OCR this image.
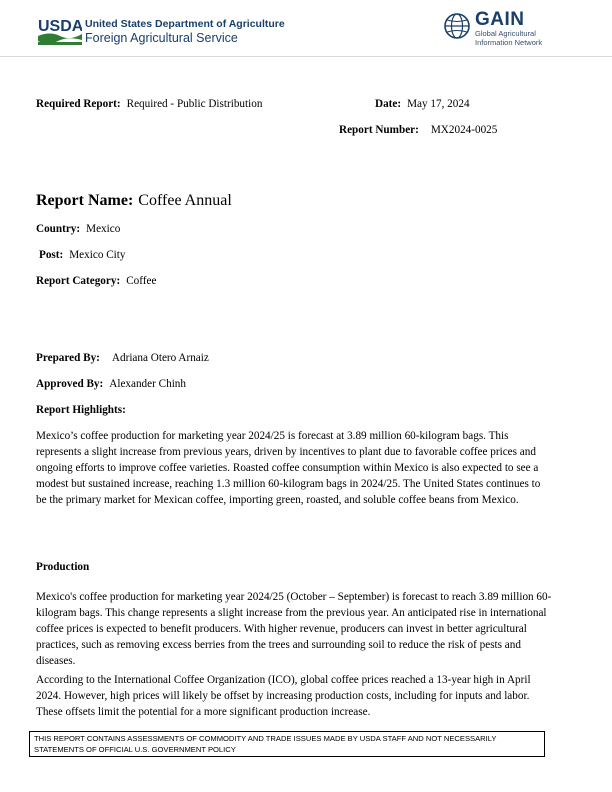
USDA United States Department of Agriculture
Foreign Agricultural Service
GAIN
Global Agricultural
Information Network
Required Report: Required - Public Distribution	Date: May 17, 2024
Report Number: MX2024-0025
Report Name: Coffee Annual
Country: Mexico
Post: Mexico City
Report Category: Coffee
Prepared By: Adriana Otero Arnaiz
Approved By: Alexander Chinh
Report Highlights:
Mexico’s coffee production for marketing year 2024/25 is forecast at 3.89 million 60-kilogram bags. This represents a slight increase from previous years, driven by incentives to plant due to favorable coffee prices and ongoing efforts to improve coffee varieties. Roasted coffee consumption within Mexico is also expected to see a modest but sustained increase, reaching 1.3 million 60-kilogram bags in 2024/25. The United States continues to be the primary market for Mexican coffee, importing green, roasted, and soluble coffee beans from Mexico.
Production
Mexico's coffee production for marketing year 2024/25 (October – September) is forecast to reach 3.89 million 60-kilogram bags. This change represents a slight increase from the previous year. An anticipated rise in international coffee prices is expected to benefit producers. With higher revenue, producers can invest in better agricultural practices, such as removing excess berries from the trees and surrounding soil to reduce the risk of pests and diseases.
According to the International Coffee Organization (ICO), global coffee prices reached a 13-year high in April 2024. However, high prices will likely be offset by increasing production costs, including for inputs and labor. These offsets limit the potential for a more significant production increase.
THIS REPORT CONTAINS ASSESSMENTS OF COMMODITY AND TRADE ISSUES MADE BY USDA STAFF AND NOT NECESSARILY STATEMENTS OF OFFICIAL U.S. GOVERNMENT POLICY
